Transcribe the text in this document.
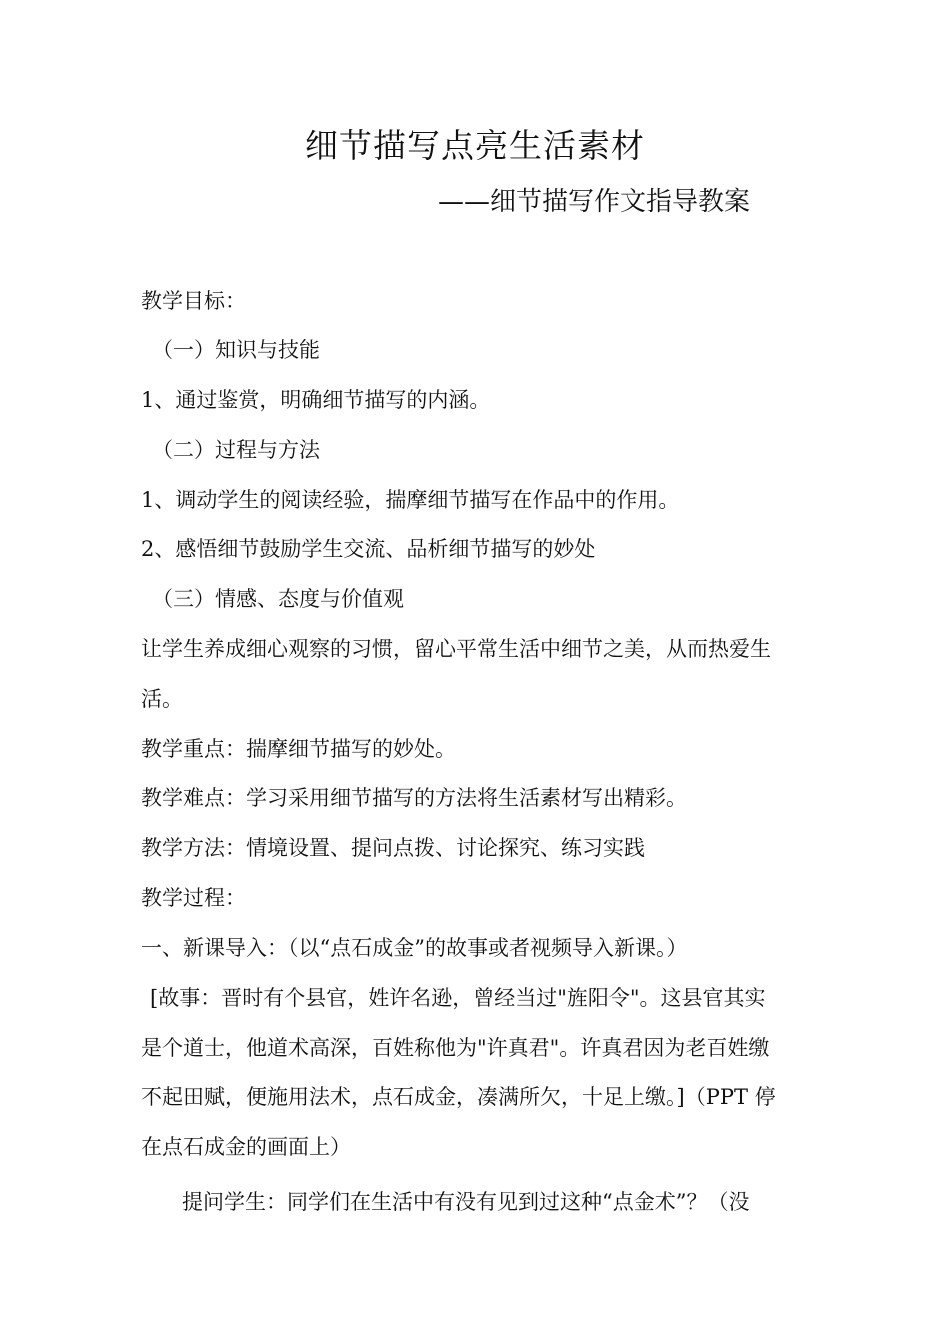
细节描写点亮生活素材
——细节描写作文指导教案
教学目标：
（一）知识与技能
1、通过鉴赏，明确细节描写的内涵。
（二）过程与方法
1、调动学生的阅读经验，揣摩细节描写在作品中的作用。
2、感悟细节鼓励学生交流、品析细节描写的妙处
（三）情感、态度与价值观
让学生养成细心观察的习惯，留心平常生活中细节之美，从而热爱生
活。
教学重点：揣摩细节描写的妙处。
教学难点：学习采用细节描写的方法将生活素材写出精彩。
教学方法：情境设置、提问点拨、讨论探究、练习实践
教学过程：
一、新课导入：（以“点石成金”的故事或者视频导入新课。）
[故事：晋时有个县官，姓许名逊，曾经当过"旌阳令"。这县官其实
是个道士，他道术高深，百姓称他为"许真君"。许真君因为老百姓缴
不起田赋，便施用法术，点石成金，凑满所欠，十足上缴。]（PPT 停
在点石成金的画面上）
提问学生：同学们在生活中有没有见到过这种“点金术”？（没
